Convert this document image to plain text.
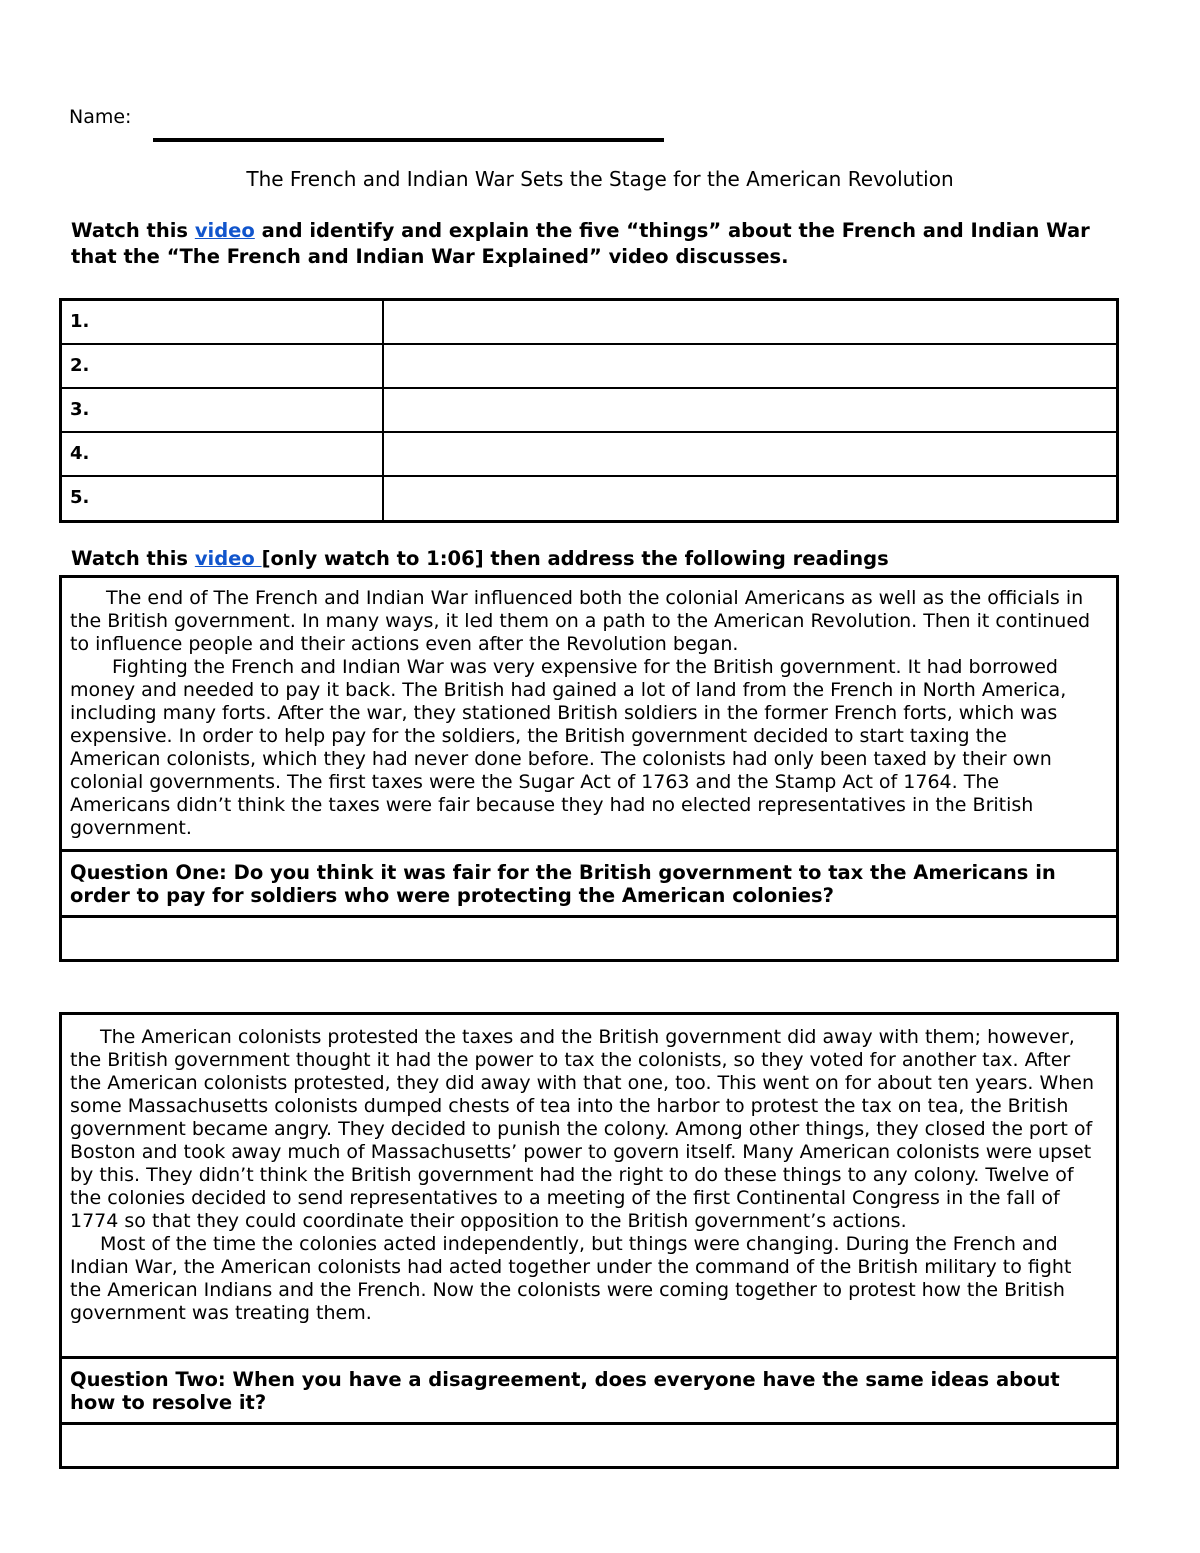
Name:
The French and Indian War Sets the Stage for the American Revolution
Watch this video and identify and explain the five “things” about the French and Indian War that the “The French and Indian War Explained” video discusses.
1.
2.
3.
4.
5.
Watch this video [only watch to 1:06] then address the following readings

The end of The French and Indian War influenced both the colonial Americans as well as the officials in the British government. In many ways, it led them on a path to the American Revolution. Then it continued to influence people and their actions even after the Revolution began.

Fighting the French and Indian War was very expensive for the British government. It had borrowed money and needed to pay it back. The British had gained a lot of land from the French in North America, including many forts. After the war, they stationed British soldiers in the former French forts, which was expensive. In order to help pay for the soldiers, the British government decided to start taxing the American colonists, which they had never done before. The colonists had only been taxed by their own colonial governments. The first taxes were the Sugar Act of 1763 and the Stamp Act of 1764. The Americans didn’t think the taxes were fair because they had no elected representatives in the British government.

Question One: Do you think it was fair for the British government to tax the Americans in order to pay for soldiers who were protecting the American colonies?

The American colonists protested the taxes and the British government did away with them; however, the British government thought it had the power to tax the colonists, so they voted for another tax. After the American colonists protested, they did away with that one, too. This went on for about ten years. When some Massachusetts colonists dumped chests of tea into the harbor to protest the tax on tea, the British government became angry. They decided to punish the colony. Among other things, they closed the port of Boston and took away much of Massachusetts’ power to govern itself. Many American colonists were upset by this. They didn’t think the British government had the right to do these things to any colony. Twelve of the colonies decided to send representatives to a meeting of the first Continental Congress in the fall of 1774 so that they could coordinate their opposition to the British government’s actions.

Most of the time the colonies acted independently, but things were changing. During the French and Indian War, the American colonists had acted together under the command of the British military to fight the American Indians and the French. Now the colonists were coming together to protest how the British government was treating them.

Question Two: When you have a disagreement, does everyone have the same ideas about how to resolve it?
